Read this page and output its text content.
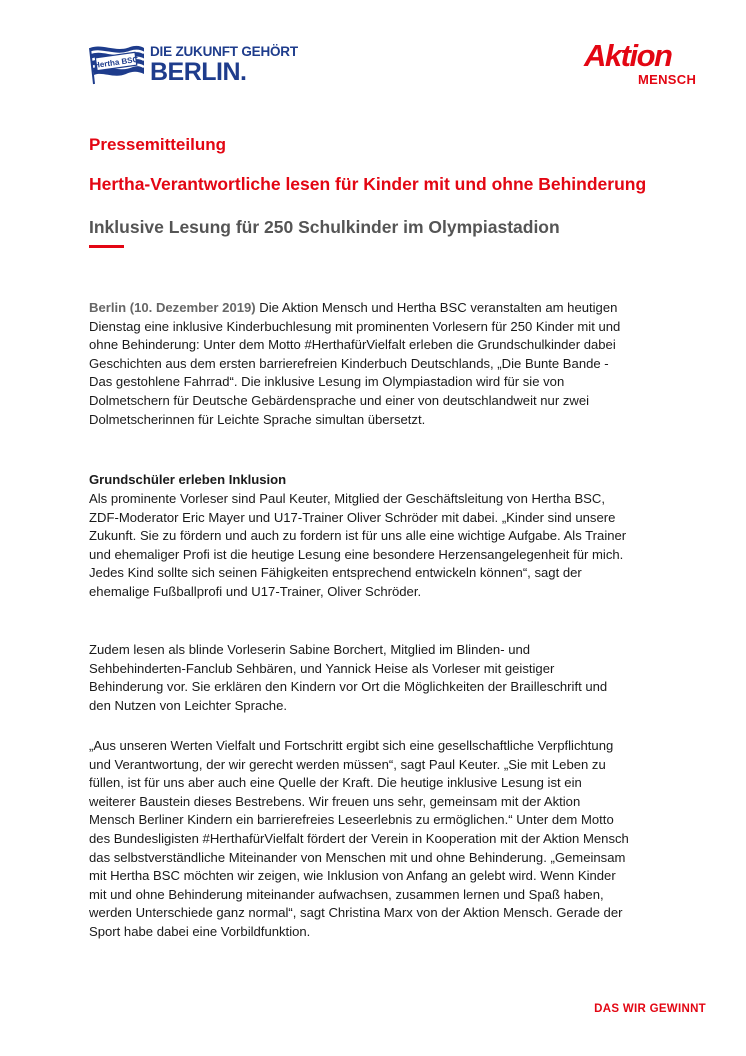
Hertha BSC
DIE ZUKUNFT GEHÖRT
BERLIN.	Aktion
MENSCH
Pressemitteilung
Hertha-Verantwortliche lesen für Kinder mit und ohne Behinderung
Inklusive Lesung für 250 Schulkinder im Olympiastadion

Berlin (10. Dezember 2019) Die Aktion Mensch und Hertha BSC veranstalten am heutigen Dienstag eine inklusive Kinderbuchlesung mit prominenten Vorlesern für 250 Kinder mit und ohne Behinderung: Unter dem Motto #HerthafürVielfalt erleben die Grundschulkinder dabei Geschichten aus dem ersten barrierefreien Kinderbuch Deutschlands, „Die Bunte Bande - Das gestohlene Fahrrad“. Die inklusive Lesung im Olympiastadion wird für sie von Dolmetschern für Deutsche Gebärdensprache und einer von deutschlandweit nur zwei Dolmetscherinnen für Leichte Sprache simultan übersetzt.

Grundschüler erleben Inklusion

Als prominente Vorleser sind Paul Keuter, Mitglied der Geschäftsleitung von Hertha BSC, ZDF-Moderator Eric Mayer und U17-Trainer Oliver Schröder mit dabei. „Kinder sind unsere Zukunft. Sie zu fördern und auch zu fordern ist für uns alle eine wichtige Aufgabe. Als Trainer und ehemaliger Profi ist die heutige Lesung eine besondere Herzensangelegenheit für mich. Jedes Kind sollte sich seinen Fähigkeiten entsprechend entwickeln können“, sagt der ehemalige Fußballprofi und U17-Trainer, Oliver Schröder.

Zudem lesen als blinde Vorleserin Sabine Borchert, Mitglied im Blinden- und Sehbehinderten-Fanclub Sehbären, und Yannick Heise als Vorleser mit geistiger Behinderung vor. Sie erklären den Kindern vor Ort die Möglichkeiten der Brailleschrift und den Nutzen von Leichter Sprache.

„Aus unseren Werten Vielfalt und Fortschritt ergibt sich eine gesellschaftliche Verpflichtung und Verantwortung, der wir gerecht werden müssen“, sagt Paul Keuter. „Sie mit Leben zu füllen, ist für uns aber auch eine Quelle der Kraft. Die heutige inklusive Lesung ist ein weiterer Baustein dieses Bestrebens. Wir freuen uns sehr, gemeinsam mit der Aktion Mensch Berliner Kindern ein barrierefreies Leseerlebnis zu ermöglichen.“ Unter dem Motto des Bundesligisten #HerthafürVielfalt fördert der Verein in Kooperation mit der Aktion Mensch das selbstverständliche Miteinander von Menschen mit und ohne Behinderung. „Gemeinsam mit Hertha BSC möchten wir zeigen, wie Inklusion von Anfang an gelebt wird. Wenn Kinder mit und ohne Behinderung miteinander aufwachsen, zusammen lernen und Spaß haben, werden Unterschiede ganz normal“, sagt Christina Marx von der Aktion Mensch. Gerade der Sport habe dabei eine Vorbildfunktion.

DAS WIR GEWINNT
